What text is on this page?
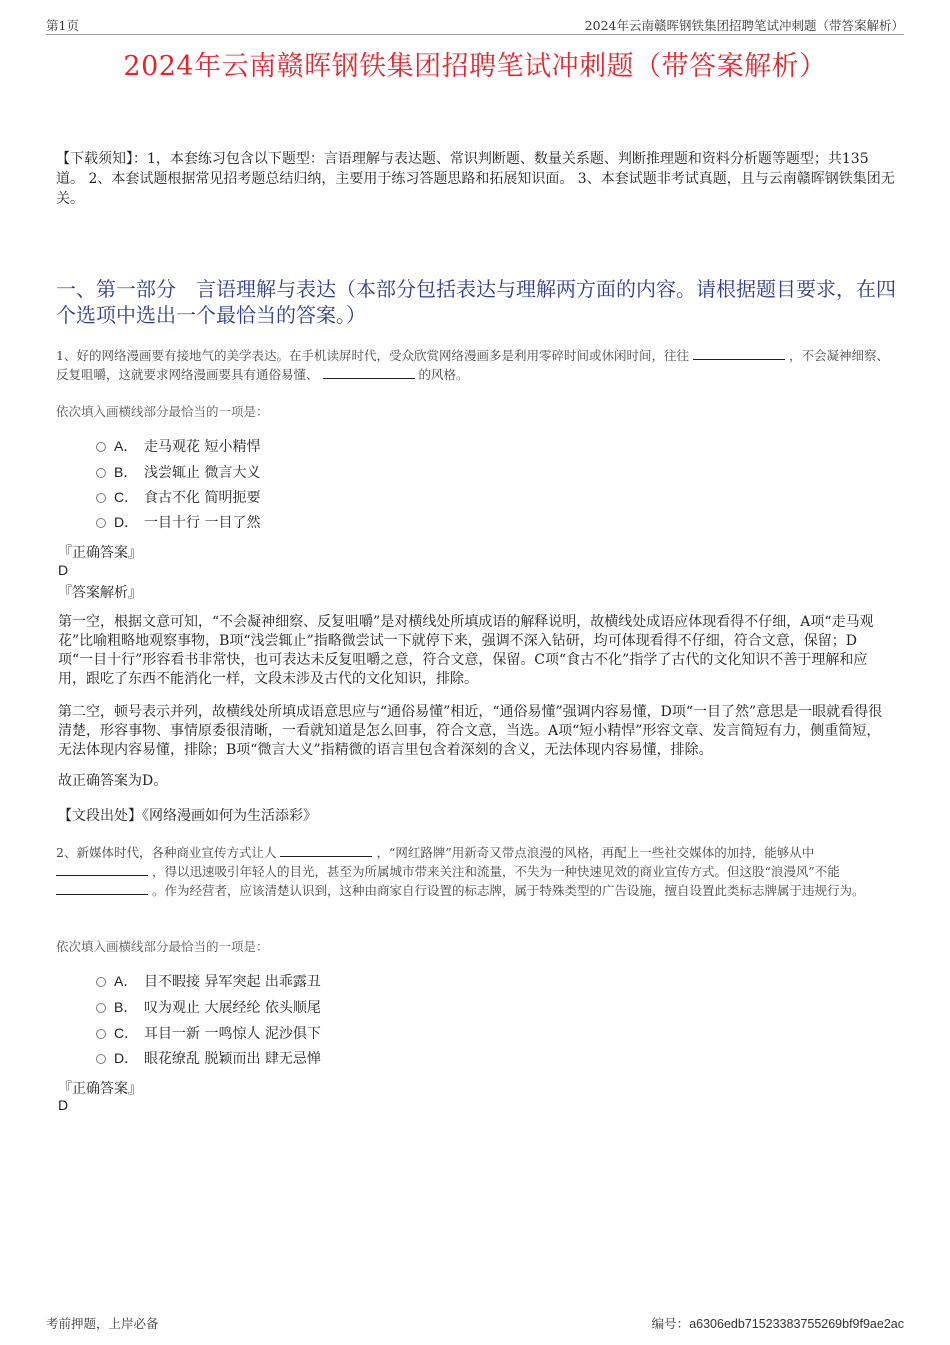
第1页	2024年云南赣晖钢铁集团招聘笔试冲刺题（带答案解析）
2024年云南赣晖钢铁集团招聘笔试冲刺题（带答案解析）
【下载须知】：1，本套练习包含以下题型：言语理解与表达题、常识判断题、数量关系题、判断推理题和资料分析题等题型；共135道。 2、本套试题根据常见招考题总结归纳，主要用于练习答题思路和拓展知识面。 3、本套试题非考试真题，且与云南赣晖钢铁集团无关。
一、第一部分　言语理解与表达（本部分包括表达与理解两方面的内容。请根据题目要求，在四个选项中选出一个最恰当的答案。）
1、好的网络漫画要有接地气的美学表达。在手机读屏时代，受众欣赏网络漫画多是利用零碎时间或休闲时间，往往	，不会凝神细察、反复咀嚼，这就要求网络漫画要具有通俗易懂、	的风格。
依次填入画横线部分最恰当的一项是：
A． 走马观花 短小精悍
B． 浅尝辄止 微言大义
C． 食古不化 简明扼要
D． 一目十行 一目了然
『正确答案』
D
『答案解析』
第一空，根据文意可知，“不会凝神细察、反复咀嚼”是对横线处所填成语的解释说明，故横线处成语应体现看得不仔细，A项“走马观花”比喻粗略地观察事物，B项“浅尝辄止”指略微尝试一下就停下来，强调不深入钻研，均可体现看得不仔细，符合文意，保留；D项“一目十行”形容看书非常快，也可表达未反复咀嚼之意，符合文意，保留。C项“食古不化”指学了古代的文化知识不善于理解和应用，跟吃了东西不能消化一样，文段未涉及古代的文化知识，排除。
第二空，顿号表示并列，故横线处所填成语意思应与“通俗易懂”相近，“通俗易懂”强调内容易懂，D项“一目了然”意思是一眼就看得很清楚，形容事物、事情原委很清晰，一看就知道是怎么回事，符合文意，当选。A项“短小精悍”形容文章、发言简短有力，侧重简短，无法体现内容易懂，排除；B项“微言大义”指精微的语言里包含着深刻的含义，无法体现内容易懂，排除。
故正确答案为D。
【文段出处】《网络漫画如何为生活添彩》
2、新媒体时代，各种商业宣传方式让人	，“网红路牌”用新奇又带点浪漫的风格，再配上一些社交媒体的加持，能够从中  ，得以迅速吸引年轻人的目光，甚至为所属城市带来关注和流量，不失为一种快速见效的商业宣传方式。但这股“浪漫风”不能  。作为经营者，应该清楚认识到，这种由商家自行设置的标志牌，属于特殊类型的广告设施，擅自设置此类标志牌属于违规行为。
依次填入画横线部分最恰当的一项是：
A． 目不暇接 异军突起 出乖露丑
B． 叹为观止 大展经纶 依头顺尾
C． 耳目一新 一鸣惊人 泥沙俱下
D． 眼花缭乱 脱颖而出 肆无忌惮
『正确答案』
D
考前押题，上岸必备	编号：a6306edb71523383755269bf9f9ae2ac
